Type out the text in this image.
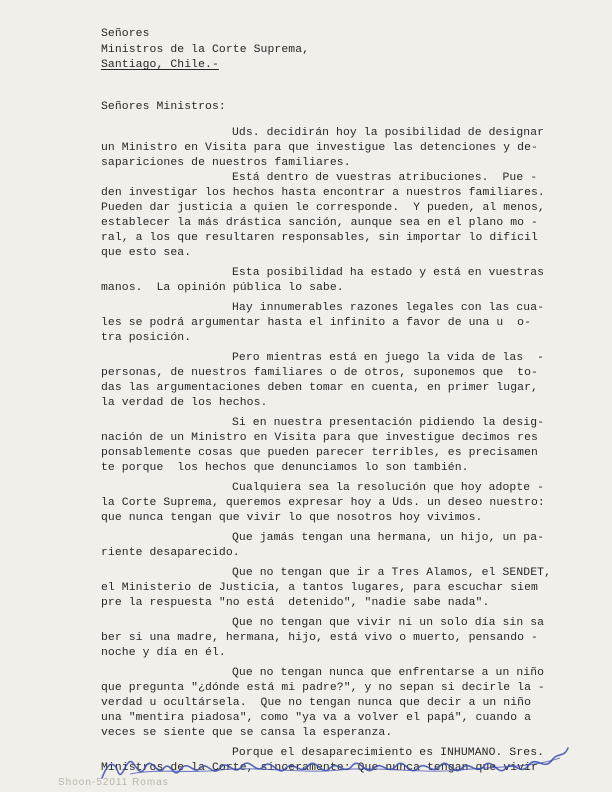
Señores
Ministros de la Corte Suprema,
Santiago, Chile.-
Señores Ministros:
Uds. decidirán hoy la posibilidad de designar
un Ministro en Visita para que investigue las detenciones y de-
sapariciones de nuestros familiares.
Está dentro de vuestras atribuciones.  Pue -
den investigar los hechos hasta encontrar a nuestros familiares.
Pueden dar justicia a quien le corresponde.  Y pueden, al menos,
establecer la más drástica sanción, aunque sea en el plano mo -
ral, a los que resultaren responsables, sin importar lo difícil
que esto sea.
Esta posibilidad ha estado y está en vuestras
manos.  La opinión pública lo sabe.
Hay innumerables razones legales con las cua-
les se podrá argumentar hasta el infinito a favor de una u  o-
tra posición.
Pero mientras está en juego la vida de las  -
personas, de nuestros familiares o de otros, suponemos que  to-
das las argumentaciones deben tomar en cuenta, en primer lugar,
la verdad de los hechos.
Si en nuestra presentación pidiendo la desig-
nación de un Ministro en Visita para que investigue decimos res
ponsablemente cosas que pueden parecer terribles, es precisamen
te porque  los hechos que denunciamos lo son también.
Cualquiera sea la resolución que hoy adopte -
la Corte Suprema, queremos expresar hoy a Uds. un deseo nuestro:
que nunca tengan que vivir lo que nosotros hoy vivimos.
Que jamás tengan una hermana, un hijo, un pa-
riente desaparecido.
Que no tengan que ir a Tres Alamos, el SENDET,
el Ministerio de Justicia, a tantos lugares, para escuchar siem
pre la respuesta "no está  detenido", "nadie sabe nada".
Que no tengan que vivir ni un solo día sin sa
ber si una madre, hermana, hijo, está vivo o muerto, pensando -
noche y día en él.
Que no tengan nunca que enfrentarse a un niño
que pregunta "¿dónde está mi padre?", y no sepan si decirle la -
verdad u ocultársela.  Que no tengan nunca que decir a un niño
una "mentira piadosa", como "ya va a volver el papá", cuando a
veces se siente que se cansa la esperanza.
Porque el desaparecimiento es INHUMANO. Sres.
Ministros de la Corte, sinceramente: Que nunca tengan que vivir
Shoon-52011 Romas
